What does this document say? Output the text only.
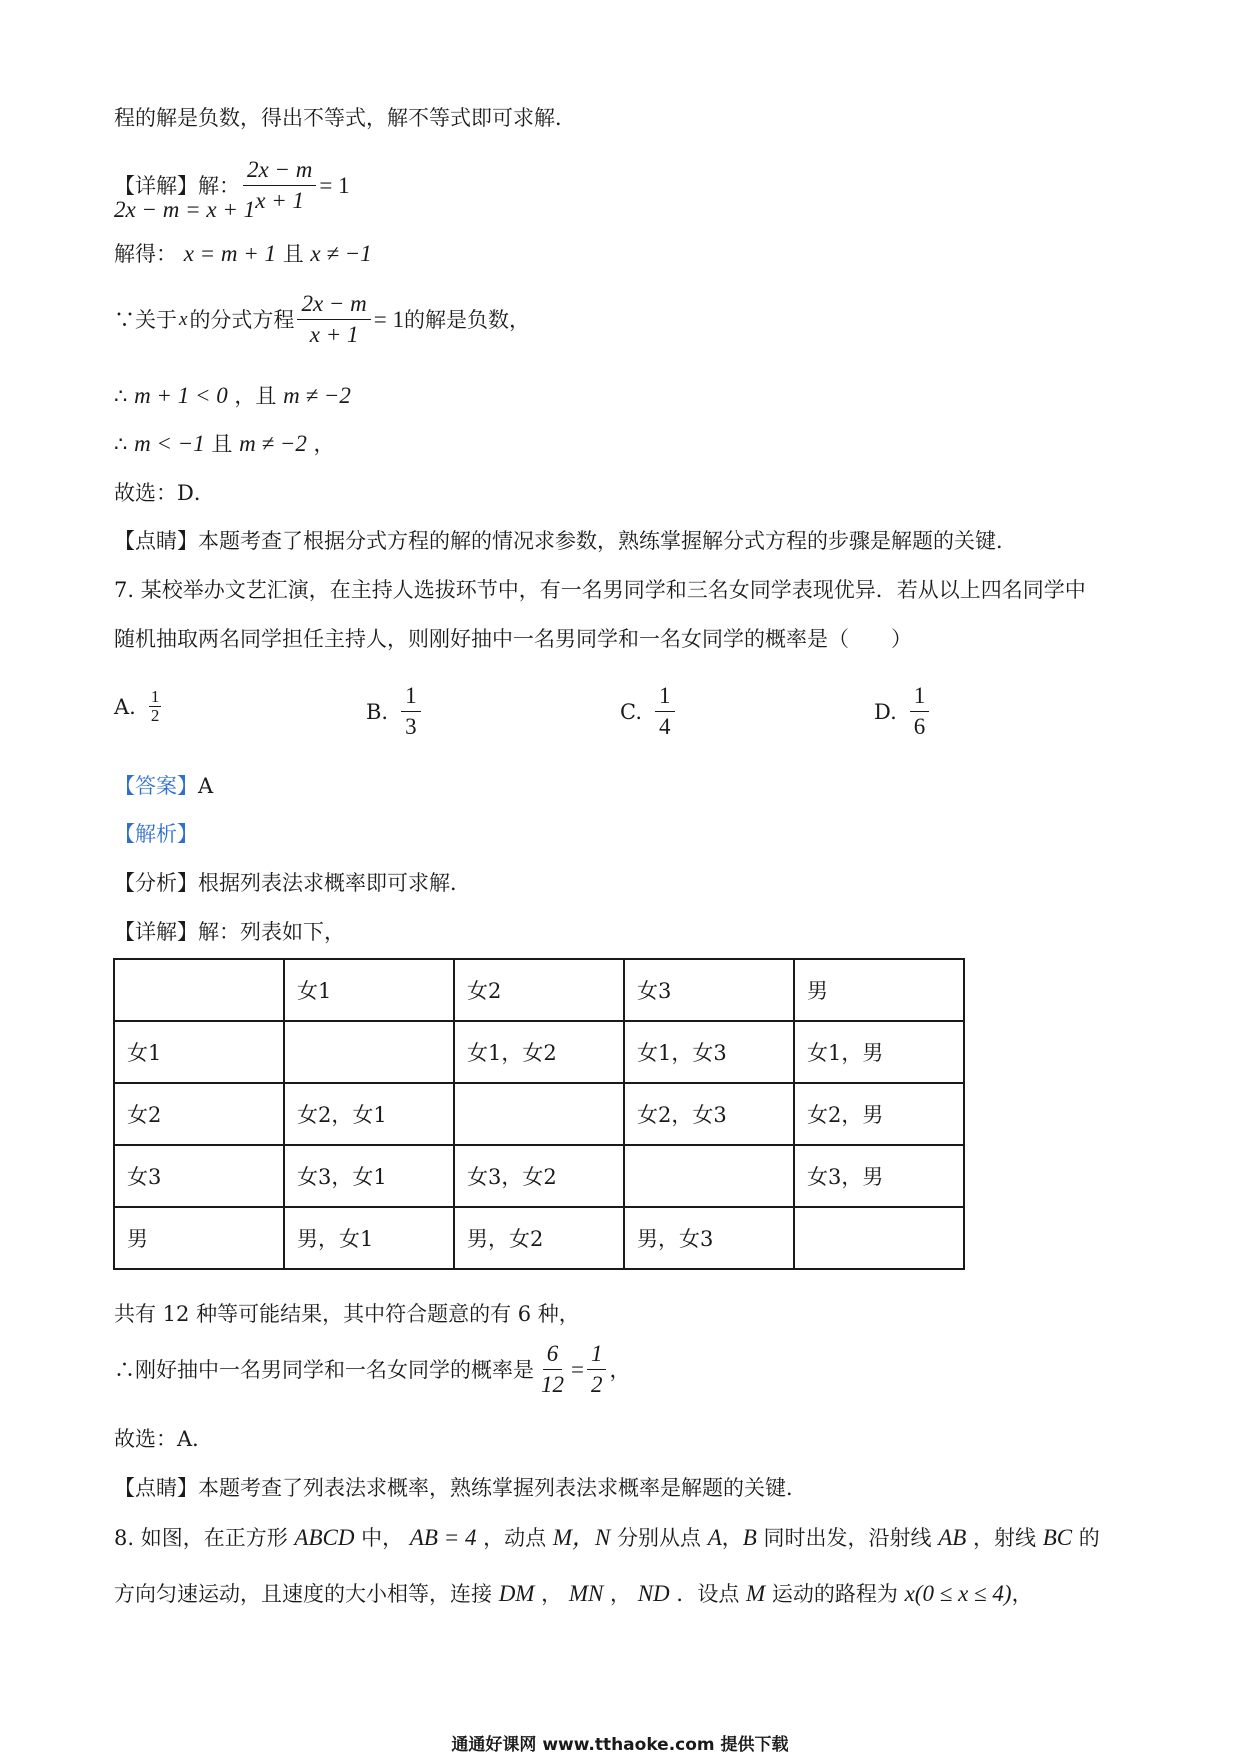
程的解是负数，得出不等式，解不等式即可求解．
【详解】解： $\frac{2x - m}{x + 1} = 1$
2x − m = x + 1
解得： x = m + 1 且 x ≠ −1
∵关于 x 的分式方程 $\frac{2x - m}{x + 1} = 1$ 的解是负数，
∴ m + 1 < 0 ，且 m ≠ −2
∴ m < −1 且 m ≠ −2 ，
故选：D．
【点睛】本题考查了根据分式方程的解的情况求参数，熟练掌握解分式方程的步骤是解题的关键．
7. 某校举办文艺汇演，在主持人选拔环节中，有一名男同学和三名女同学表现优异．若从以上四名同学中
随机抽取两名同学担任主持人，则刚好抽中一名男同学和一名女同学的概率是（　　）
A. $\frac{1}{2}$	B. $\frac{1}{3}$	C. $\frac{1}{4}$	D. $\frac{1}{6}$
【答案】A
【解析】
【分析】根据列表法求概率即可求解．
【详解】解：列表如下，
	女1	女2	女3	男
女1		女1，女2	女1，女3	女1，男
女2	女2，女1		女2，女3	女2，男
女3	女3，女1	女3，女2		女3，男
男	男，女1	男，女2	男，女3	
共有 12 种等可能结果，其中符合题意的有 6 种，
∴刚好抽中一名男同学和一名女同学的概率是 $\frac{6}{12} = \frac{1}{2}$ ，
故选：A．
【点睛】本题考查了列表法求概率，熟练掌握列表法求概率是解题的关键．
8. 如图，在正方形 ABCD 中， AB = 4 ，动点 M，N 分别从点 A，B 同时出发，沿射线 AB ，射线 BC 的
方向匀速运动，且速度的大小相等，连接 DM ， MN ， ND ．设点 M 运动的路程为 x(0 ≤ x ≤ 4)，
通通好课网 www.tthaoke.com 提供下载
